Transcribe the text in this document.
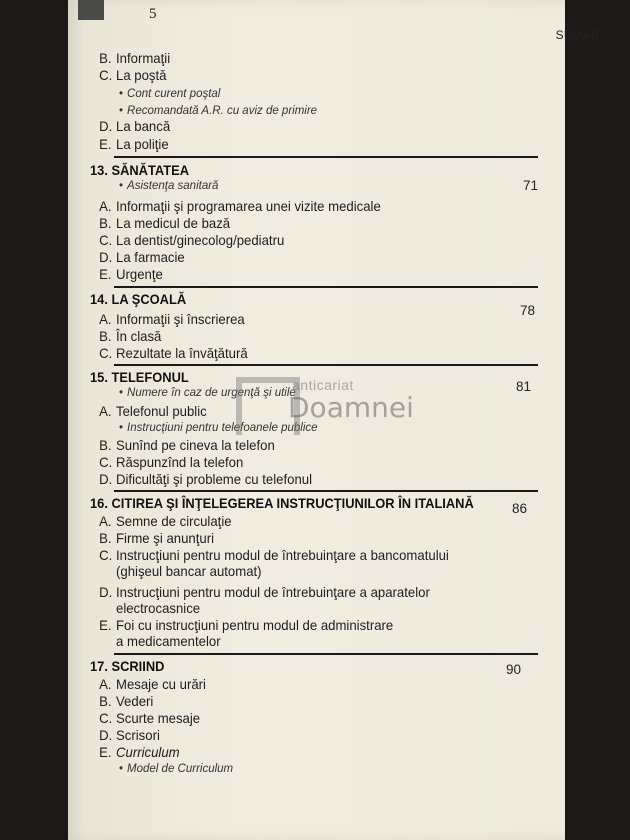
5
SUMAR
B. Informaţii
C. La poştă
• Cont curent poştal
• Recomandată A.R. cu aviz de primire
D. La bancă
E. La poliţie
13. SĂNĂTATEA
71
• Asistenţa sanitară
A. Informaţii şi programarea unei vizite medicale
B. La medicul de bază
C. La dentist/ginecolog/pediatru
D. La farmacie
E. Urgenţe
14. LA ŞCOALĂ
78
A. Informaţii şi înscrierea
B. În clasă
C. Rezultate la învăţătură
15. TELEFONUL
81
• Numere în caz de urgenţă şi utile
A. Telefonul public
• Instrucţiuni pentru telefoanele publice
B. Sunînd pe cineva la telefon
C. Răspunzînd la telefon
D. Dificultăţi şi probleme cu telefonul
16. CITIREA ŞI ÎNŢELEGEREA INSTRUCŢIUNILOR ÎN ITALIANĂ	86
A. Semne de circulaţie
B. Firme şi anunţuri
C. Instrucţiuni pentru modul de întrebuinţare a bancomatului
(ghişeul bancar automat)
D. Instrucţiuni pentru modul de întrebuinţare a aparatelor
electrocasnice
E. Foi cu instrucţiuni pentru modul de administrare
a medicamentelor
17. SCRIIND	90
A. Mesaje cu urări
B. Vederi
C. Scurte mesaje
D. Scrisori
E. Curriculum
• Model de Curriculum
anticariat
Doamnei
